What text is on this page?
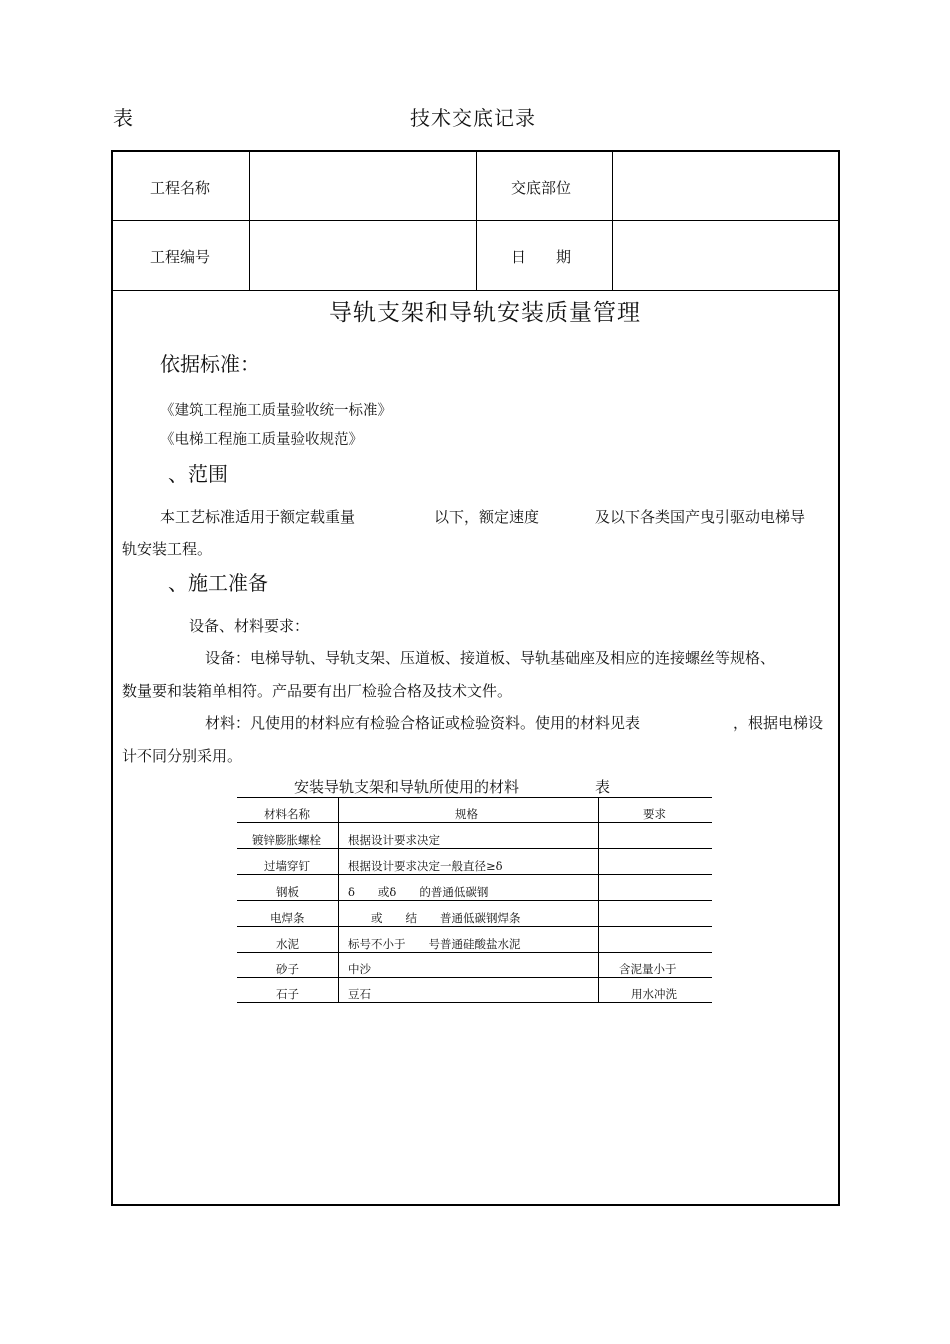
表	技术交底记录
工程名称	交底部位
工程编号	日　　期
导轨支架和导轨安装质量管理
依据标准：
《建筑工程施工质量验收统一标准》
《电梯工程施工质量验收规范》
、范围
本工艺标准适用于额定载重量	以下，额定速度	及以下各类国产曳引驱动电梯导
轨安装工程。
、施工准备
设备、材料要求：
设备：电梯导轨、导轨支架、压道板、接道板、导轨基础座及相应的连接螺丝等规格、
数量要和装箱单相符。产品要有出厂检验合格及技术文件。
材料：凡使用的材料应有检验合格证或检验资料。使用的材料见表	，根据电梯设
计不同分别采用。
安装导轨支架和导轨所使用的材料	表
材料名称	规格	要求
镀锌膨胀螺栓 根据设计要求决定
过墙穿钉	根据设计要求决定一般直径≥δ
钢板	δ　　或δ　　的普通低碳钢
电焊条	　　或　　结　　普通低碳钢焊条
水泥	标号不小于　　号普通硅酸盐水泥
砂子	中沙	含泥量小于
石子	豆石	用水冲洗
